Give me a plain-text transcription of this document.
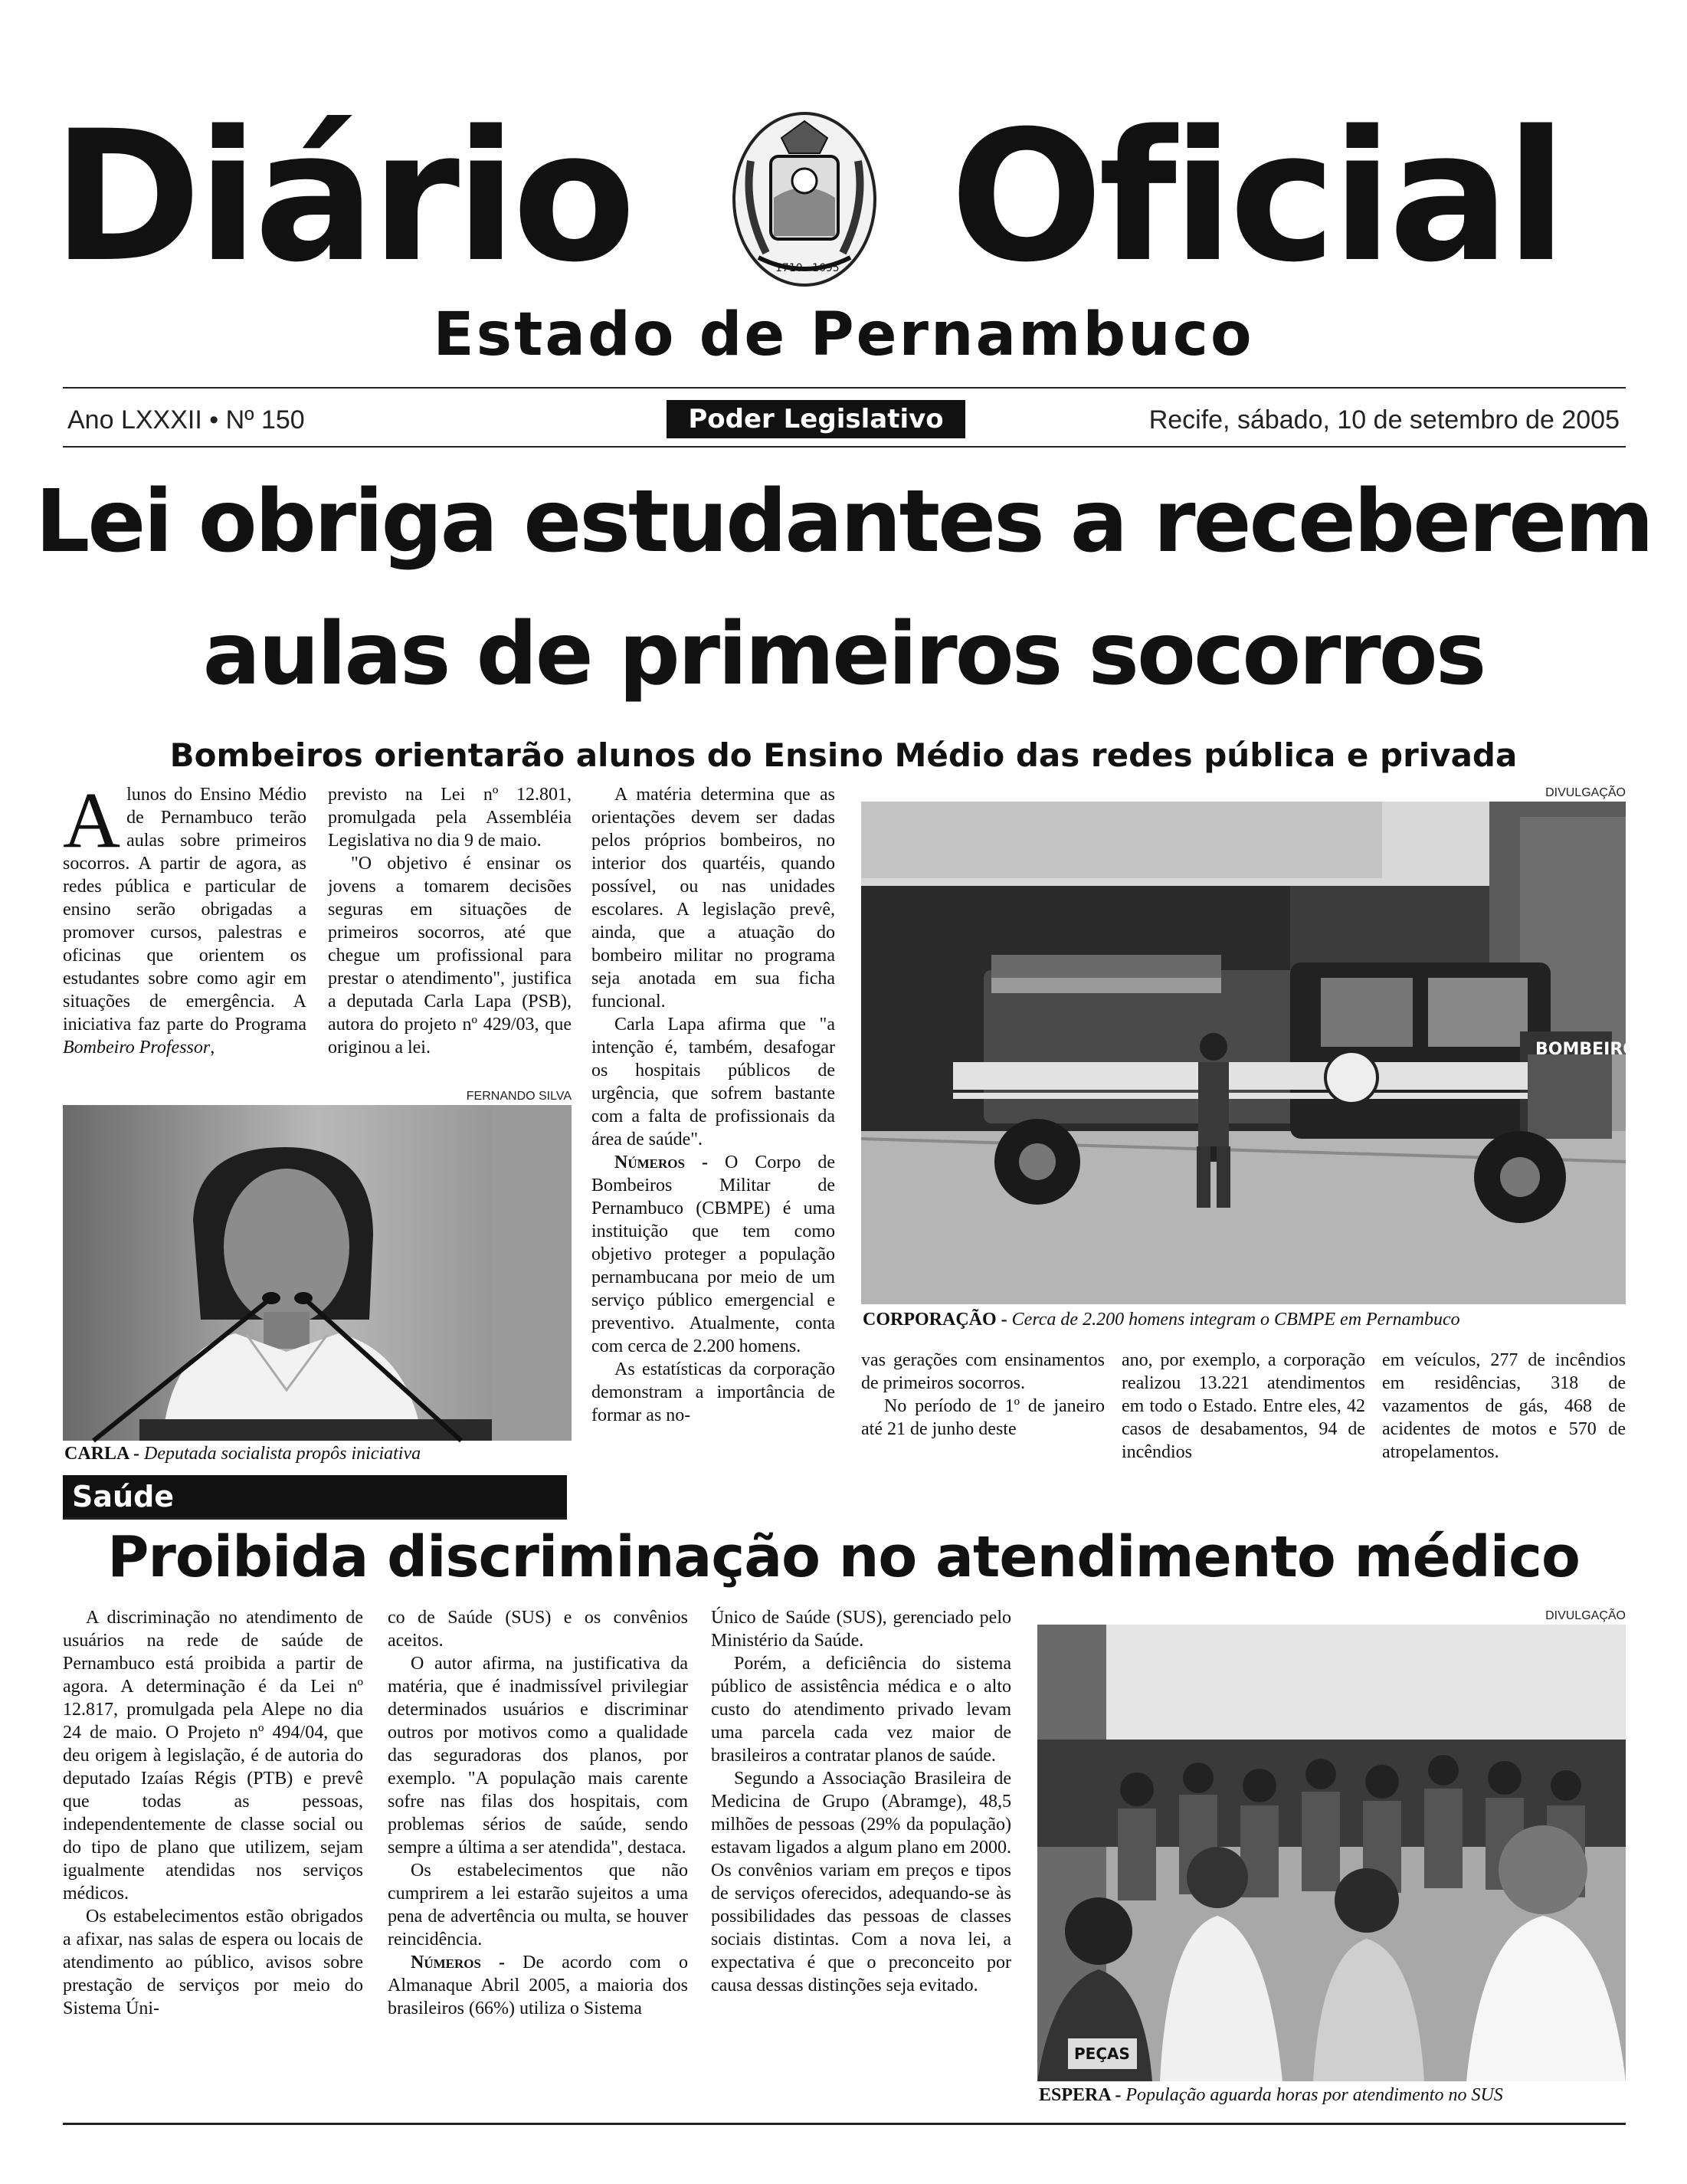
Diário Oficial
1710 1695
Estado de Pernambuco
Ano LXXXII • Nº 150	Poder Legislativo	Recife, sábado, 10 de setembro de 2005
Lei obriga estudantes a receberem
aulas de primeiros socorros
Bombeiros orientarão alunos do Ensino Médio das redes pública e privada

Alunos do Ensino Médio de Pernambuco terão aulas sobre primeiros socorros. A partir de agora, as redes pública e particular de ensino serão obrigadas a promover cursos, palestras e oficinas que orientem os estudantes sobre como agir em situações de emergência. A iniciativa faz parte do Programa Bombeiro Professor,

previsto na Lei nº 12.801, promulgada pela Assembléia Legislativa no dia 9 de maio.

"O objetivo é ensinar os jovens a tomarem decisões seguras em situações de primeiros socorros, até que chegue um profissional para prestar o atendimento", justifica a deputada Carla Lapa (PSB), autora do projeto nº 429/03, que originou a lei.

A matéria determina que as orientações devem ser dadas pelos próprios bombeiros, no interior dos quartéis, quando possível, ou nas unidades escolares. A legislação prevê, ainda, que a atuação do bombeiro militar no programa seja anotada em sua ficha funcional.

Carla Lapa afirma que "a intenção é, também, desafogar os hospitais públicos de urgência, que sofrem bastante com a falta de profissionais da área de saúde".

Números - O Corpo de Bombeiros Militar de Pernambuco (CBMPE) é uma instituição que tem como objetivo proteger a população pernambucana por meio de um serviço público emergencial e preventivo. Atualmente, conta com cerca de 2.200 homens.

As estatísticas da corporação demonstram a importância de formar as no-

FERNANDO SILVA
CARLA - Deputada socialista propôs iniciativa
DIVULGAÇÃO
BOMBEIROS
CORPORAÇÃO - Cerca de 2.200 homens integram o CBMPE em Pernambuco

vas gerações com ensinamentos de primeiros socorros.

No período de 1º de janeiro até 21 de junho deste

ano, por exemplo, a corporação realizou 13.221 atendimentos em todo o Estado. Entre eles, 42 casos de desabamentos, 94 de incêndios

em veículos, 277 de incêndios em residências, 318 de vazamentos de gás, 468 de acidentes de motos e 570 de atropelamentos.

Saúde
Proibida discriminação no atendimento médico

A discriminação no atendimento de usuários na rede de saúde de Pernambuco está proibida a partir de agora. A determinação é da Lei nº 12.817, promulgada pela Alepe no dia 24 de maio. O Projeto nº 494/04, que deu origem à legislação, é de autoria do deputado Izaías Régis (PTB) e prevê que todas as pessoas, independentemente de classe social ou do tipo de plano que utilizem, sejam igualmente atendidas nos serviços médicos.

Os estabelecimentos estão obrigados a afixar, nas salas de espera ou locais de atendimento ao público, avisos sobre prestação de serviços por meio do Sistema Úni-

co de Saúde (SUS) e os convênios aceitos.

O autor afirma, na justificativa da matéria, que é inadmissível privilegiar determinados usuários e discriminar outros por motivos como a qualidade das seguradoras dos planos, por exemplo. "A população mais carente sofre nas filas dos hospitais, com problemas sérios de saúde, sendo sempre a última a ser atendida", destaca.

Os estabelecimentos que não cumprirem a lei estarão sujeitos a uma pena de advertência ou multa, se houver reincidência.

Números - De acordo com o Almanaque Abril 2005, a maioria dos brasileiros (66%) utiliza o Sistema

Único de Saúde (SUS), gerenciado pelo Ministério da Saúde.

Porém, a deficiência do sistema público de assistência médica e o alto custo do atendimento privado levam uma parcela cada vez maior de brasileiros a contratar planos de saúde.

Segundo a Associação Brasileira de Medicina de Grupo (Abramge), 48,5 milhões de pessoas (29% da população) estavam ligados a algum plano em 2000. Os convênios variam em preços e tipos de serviços oferecidos, adequando-se às possibilidades das pessoas de classes sociais distintas. Com a nova lei, a expectativa é que o preconceito por causa dessas distinções seja evitado.

DIVULGAÇÃO
PEÇAS
ESPERA - População aguarda horas por atendimento no SUS
